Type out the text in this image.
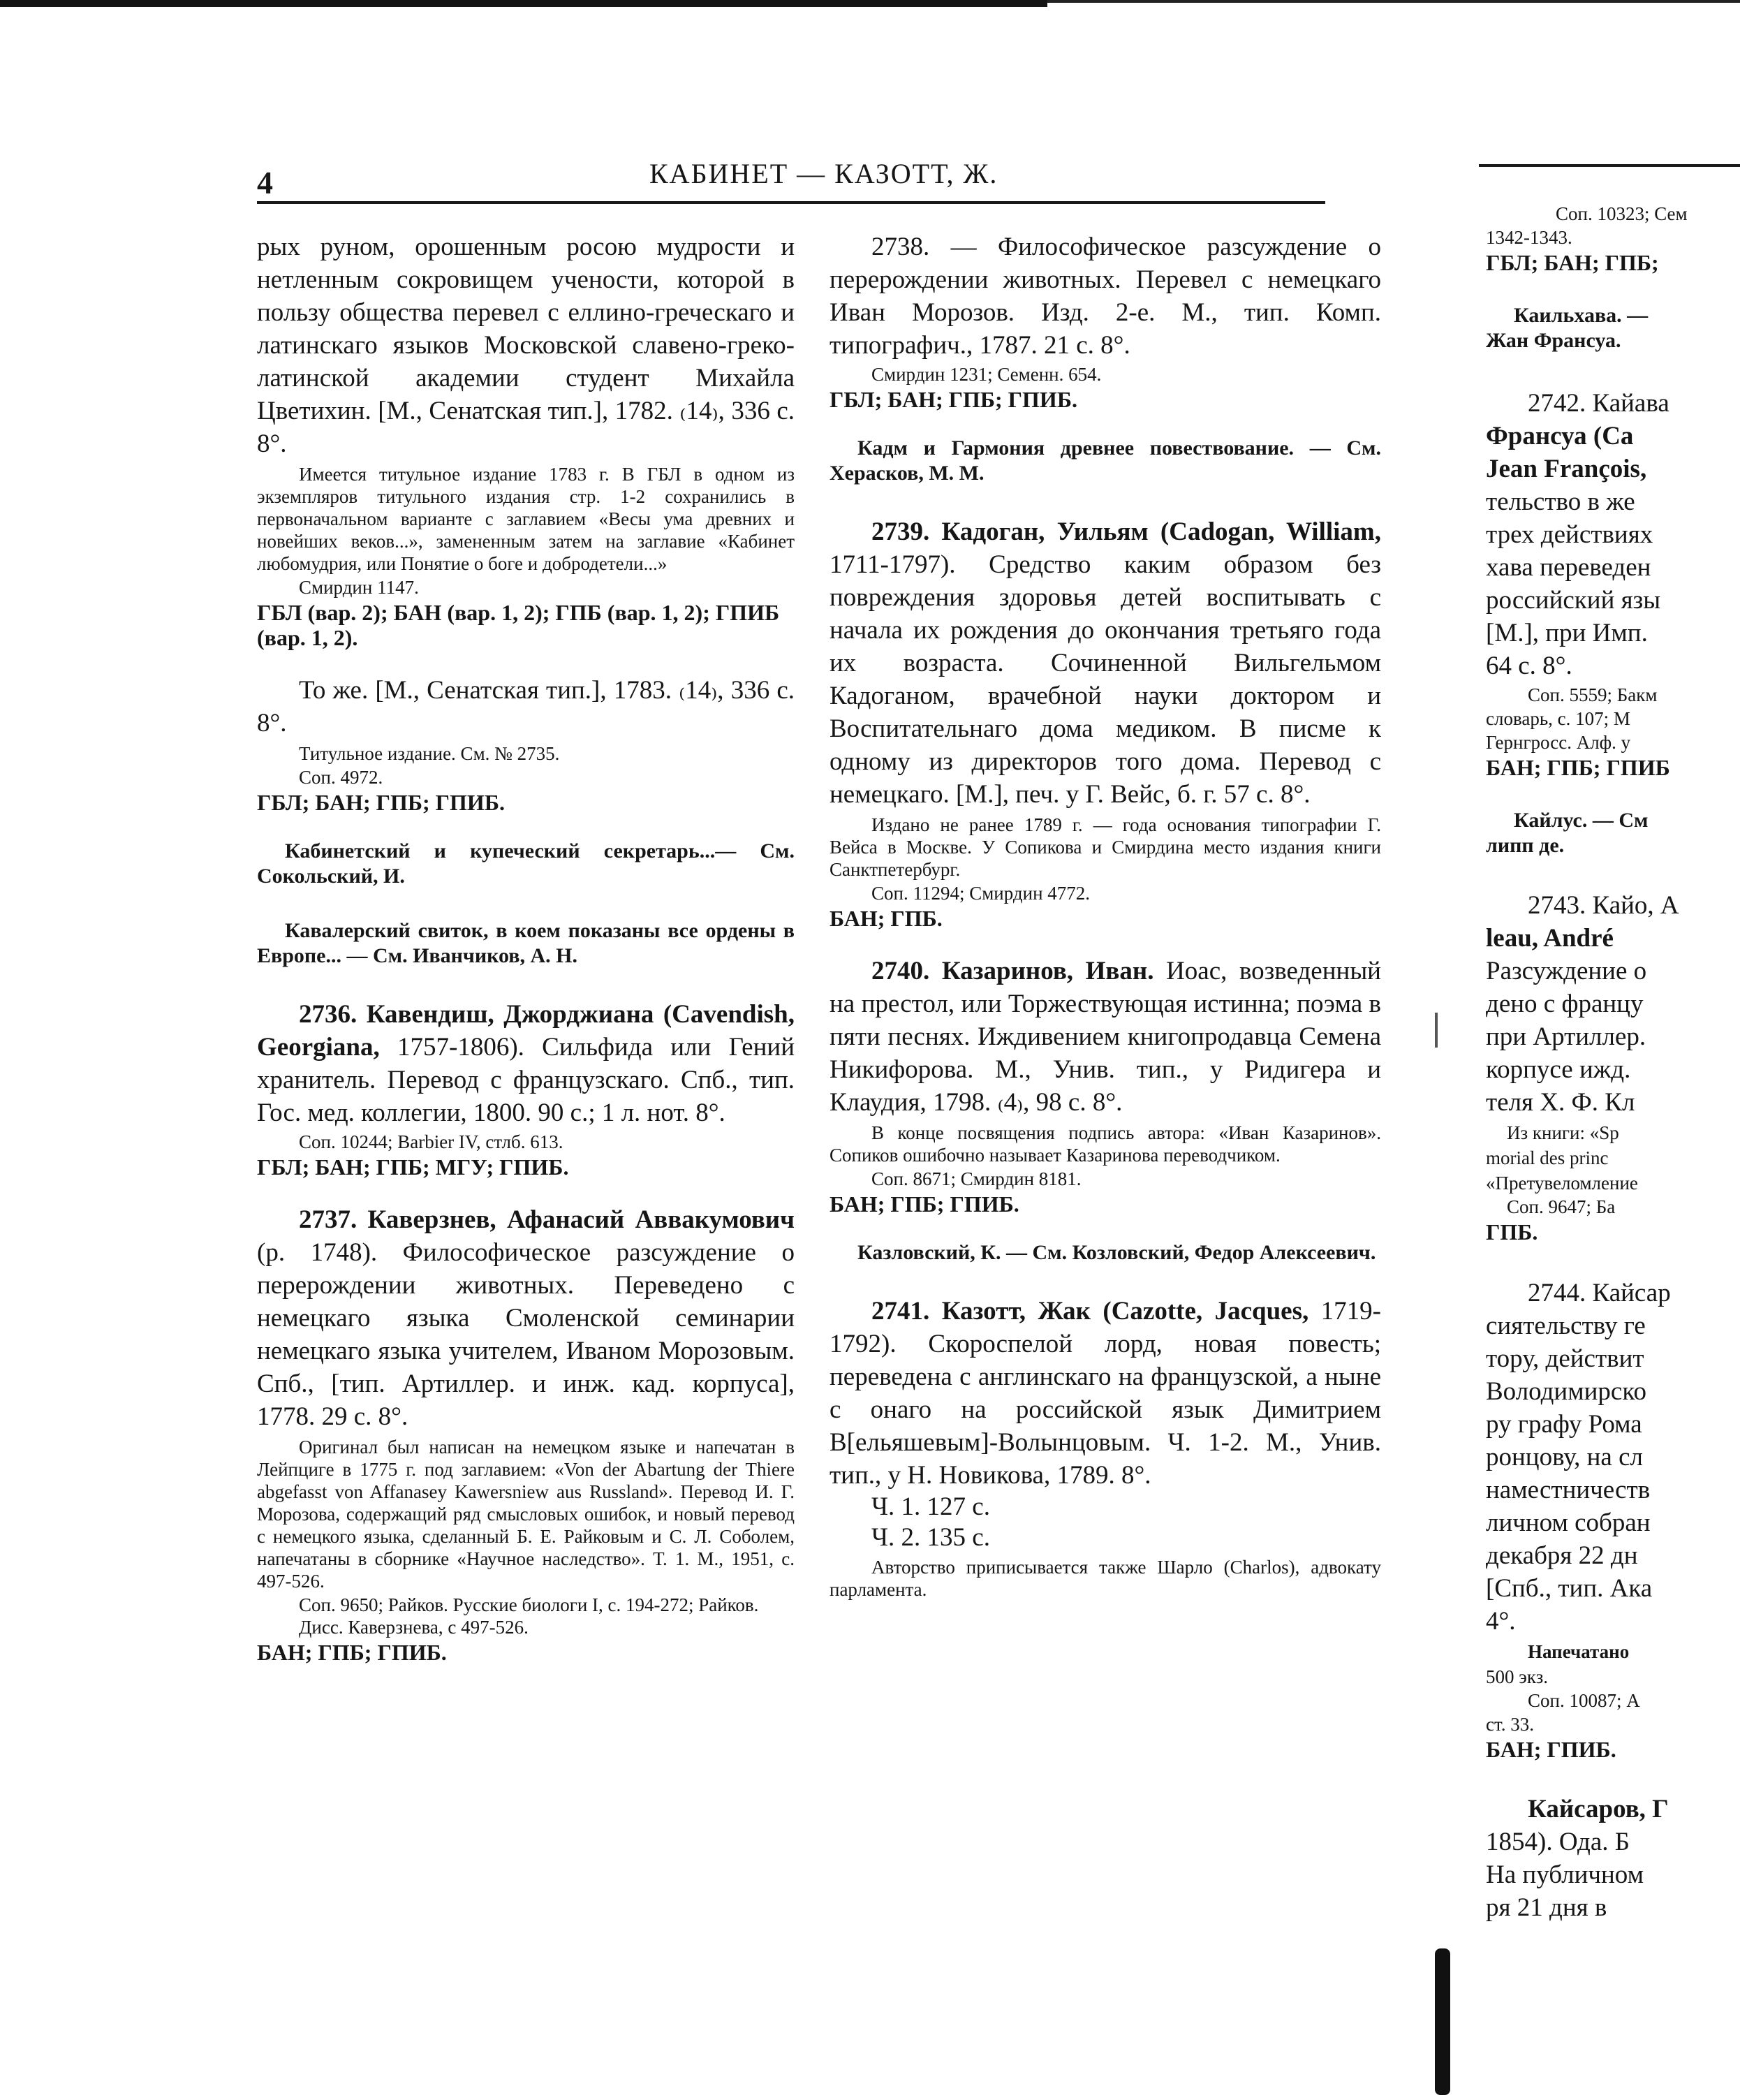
4	КАБИНЕТ — КАЗОТТ, Ж.

рых руном, орошенным росою мудрости и нетленным сокровищем учености, которой в пользу общества перевел с еллино-греческаго и латинскаго языков Московской славено-греко-латинской академии студент Михайла Цветихин. [М., Сенатская тип.], 1782. ₍14₎, 336 с. 8°.

Имеется титульное издание 1783 г. В ГБЛ в одном из экземпляров титульного издания стр. 1-2 сохранились в первоначальном варианте с заглавием «Весы ума древних и новейших веков...», замененным затем на заглавие «Кабинет любомудрия, или Понятие о боге и добродетели...»

Смирдин 1147.

ГБЛ (вар. 2); БАН (вар. 1, 2); ГПБ (вар. 1, 2); ГПИБ (вар. 1, 2).

То же. [М., Сенатская тип.], 1783. ₍14₎, 336 с. 8°.

Титульное издание. См. № 2735.

Соп. 4972.

ГБЛ; БАН; ГПБ; ГПИБ.

Кабинетский и купеческий секретарь...— См. Сокольский, И.

Кавалерский свиток, в коем показаны все ордены в Европе... — См. Иванчиков, А. Н.

2736. Кавендиш, Джорджиана (Cavendish, Georgiana, 1757-1806). Сильфида или Гений хранитель. Перевод с французскаго. Спб., тип. Гос. мед. коллегии, 1800. 90 с.; 1 л. нот. 8°.

Соп. 10244; Barbier IV, стлб. 613.

ГБЛ; БАН; ГПБ; МГУ; ГПИБ.

2737. Каверзнев, Афанасий Аввакумович (р. 1748). Философическое разсуждение о перерождении животных. Переведено с немецкаго языка Смоленской семинарии немецкаго языка учителем, Иваном Морозовым. Спб., [тип. Артиллер. и инж. кад. корпуса], 1778. 29 с. 8°.

Оригинал был написан на немецком языке и напечатан в Лейпциге в 1775 г. под заглавием: «Von der Abartung der Thiere abgefasst von Affanasey Kawersniew aus Russland». Перевод И. Г. Морозова, содержащий ряд смысловых ошибок, и новый перевод с немецкого языка, сделанный Б. Е. Райковым и С. Л. Соболем, напечатаны в сборнике «Научное наследство». Т. 1. М., 1951, с. 497-526.

Соп. 9650; Райков. Русские биологи I, с. 194-272; Райков. Дисс. Каверзнева, с 497-526.

БАН; ГПБ; ГПИБ.

2738. — Философическое разсуждение о перерождении животных. Перевел с немецкаго Иван Морозов. Изд. 2-е. М., тип. Комп. типографич., 1787. 21 с. 8°.

Смирдин 1231; Семенн. 654.

ГБЛ; БАН; ГПБ; ГПИБ.

Кадм и Гармония древнее повествование. — См. Херасков, М. М.

2739. Кадоган, Уильям (Cadogan, William, 1711-1797). Средство каким образом без повреждения здоровья детей воспитывать с начала их рождения до окончания третьяго года их возраста. Сочиненной Вильгельмом Кадоганом, врачебной науки доктором и Воспитательнаго дома медиком. В писме к одному из директоров того дома. Перевод с немецкаго. [М.], печ. у Г. Вейс, б. г. 57 с. 8°.

Издано не ранее 1789 г. — года основания типографии Г. Вейса в Москве. У Сопикова и Смирдина место издания книги Санктпетербург.

Соп. 11294; Смирдин 4772.

БАН; ГПБ.

2740. Казаринов, Иван. Иоас, возведенный на престол, или Торжествующая истинна; поэма в пяти песнях. Иждивением книгопродавца Семена Никифорова. М., Унив. тип., у Ридигера и Клаудия, 1798. ₍4₎, 98 с. 8°.

В конце посвящения подпись автора: «Иван Казаринов». Сопиков ошибочно называет Казаринова переводчиком.

Соп. 8671; Смирдин 8181.

БАН; ГПБ; ГПИБ.

Казловский, К. — См. Козловский, Федор Алексеевич.

2741. Казотт, Жак (Cazotte, Jacques, 1719-1792). Скороспелой лорд, новая повесть; переведена с англинскаго на французской, а ныне с онаго на российской язык Димитрием В[ельяшевым]-Волынцовым. Ч. 1-2. М., Унив. тип., у Н. Новикова, 1789. 8°.

Ч. 1. 127 с.

Ч. 2. 135 с.

Авторство приписывается также Шарло (Charlos), адвокату парламента.

Соп. 10323; Сем

1342-1343.

ГБЛ; БАН; ГПБ;

Каильхава. —

Жан Франсуа.

2742. Кайава

Франсуа (Са

Jean François,

тельство в же

трех действиях

хава переведен

российский язы

[М.], при Имп.

64 с. 8°.

Соп. 5559; Бакм

словарь, с. 107; М

Гернгросс. Алф. у

БАН; ГПБ; ГПИБ

Кайлус. — См

липп де.

2743. Кайо, А

leau, André

Разсуждение о

дено с францу

при Артиллер.

корпусе ижд.

теля Х. Ф. Кл

Из книги: «Sp

morial des princ

«Претувеломление

Соп. 9647; Ба

ГПБ.

2744. Кайсар

сиятельству ге

тору, действит

Володимирско

ру графу Рома

ронцову, на сл

наместничеств

личном собран

декабря 22 дн

[Спб., тип. Ака

4°.

Напечатано

500 экз.

Соп. 10087; А

ст. 33.

БАН; ГПИБ.

Кайсаров, Г

1854). Ода. Б

На публичном

ря 21 дня в
